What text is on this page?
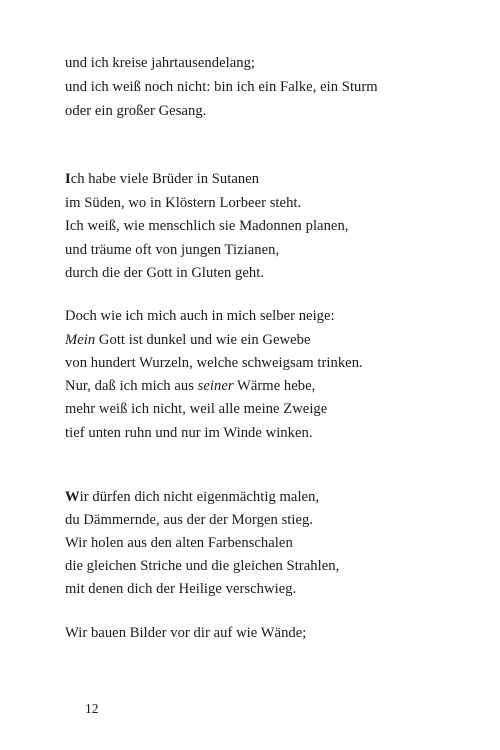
und ich kreise jahrtausendelang;
und ich weiß noch nicht: bin ich ein Falke, ein Sturm
oder ein großer Gesang.
Ich habe viele Brüder in Sutanen
im Süden, wo in Klöstern Lorbeer steht.
Ich weiß, wie menschlich sie Madonnen planen,
und träume oft von jungen Tizianen,
durch die der Gott in Gluten geht.
Doch wie ich mich auch in mich selber neige:
Mein Gott ist dunkel und wie ein Gewebe
von hundert Wurzeln, welche schweigsam trinken.
Nur, daß ich mich aus seiner Wärme hebe,
mehr weiß ich nicht, weil alle meine Zweige
tief unten ruhn und nur im Winde winken.
Wir dürfen dich nicht eigenmächtig malen,
du Dämmernde, aus der der Morgen stieg.
Wir holen aus den alten Farbenschalen
die gleichen Striche und die gleichen Strahlen,
mit denen dich der Heilige verschwieg.
Wir bauen Bilder vor dir auf wie Wände;
12
